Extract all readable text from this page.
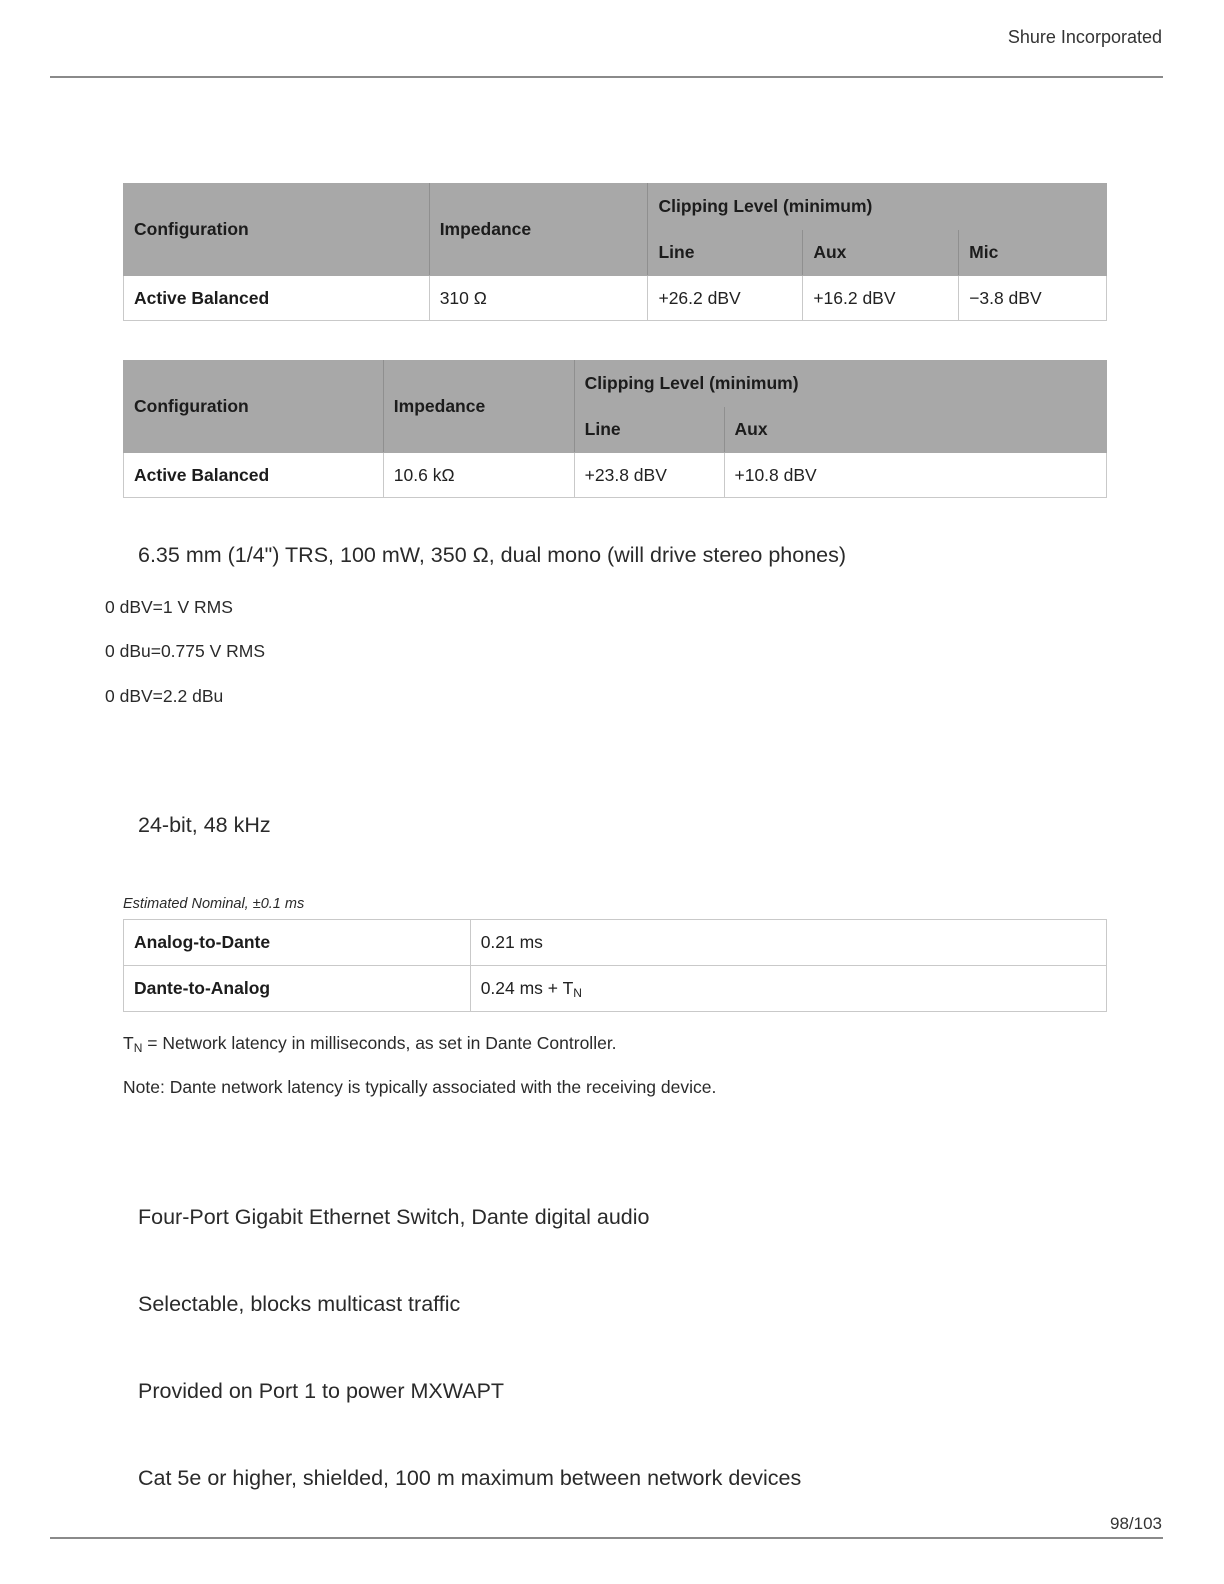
Shure Incorporated
Configuration	Impedance	Clipping Level (minimum)		
		Line	Aux	Mic
Active Balanced	310 Ω	+26.2 dBV	+16.2 dBV	−3.8 dBV
Configuration	Impedance	Clipping Level (minimum)	
		Line	Aux
Active Balanced	10.6 kΩ	+23.8 dBV	+10.8 dBV
6.35 mm (1/4") TRS, 100 mW, 350 Ω, dual mono (will drive stereo phones)
0 dBV=1 V RMS
0 dBu=0.775 V RMS
0 dBV=2.2 dBu
24-bit, 48 kHz
Estimated Nominal, ±0.1 ms
Analog-to-Dante	0.21 ms
Dante-to-Analog	0.24 ms + $T_N$
$T_N$ = Network latency in milliseconds, as set in Dante Controller.
Note: Dante network latency is typically associated with the receiving device.
Four-Port Gigabit Ethernet Switch, Dante digital audio
Selectable, blocks multicast traffic
Provided on Port 1 to power MXWAPT
Cat 5e or higher, shielded, 100 m maximum between network devices
98/103
